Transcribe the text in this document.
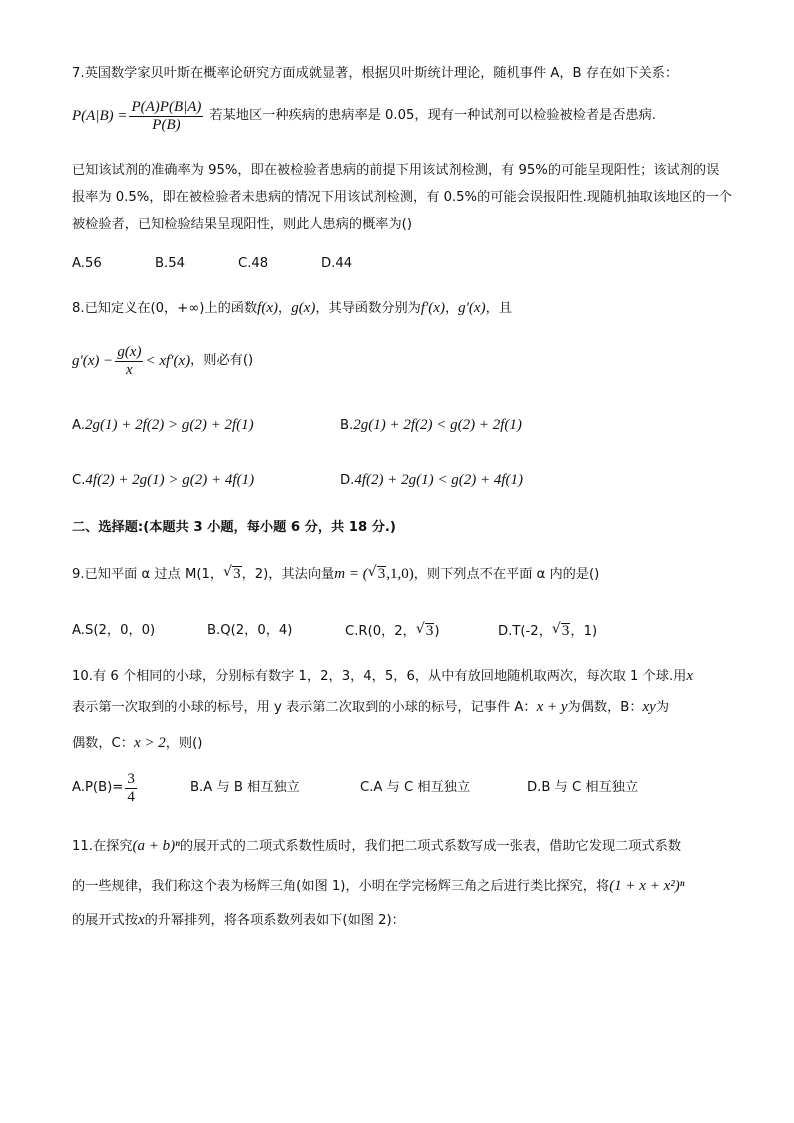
7.英国数学家贝叶斯在概率论研究方面成就显著，根据贝叶斯统计理论，随机事件 A，B 存在如下关系：
$P(A|B) = \frac{P(A)P(B|A)}{P(B)}$ 若某地区一种疾病的患病率是 0.05，现有一种试剂可以检验被检者是否患病.
已知该试剂的准确率为 95%，即在被检验者患病的前提下用该试剂检测，有 95%的可能呈现阳性；该试剂的误报率为 0.5%，即在被检验者未患病的情况下用该试剂检测，有 0.5%的可能会误报阳性.现随机抽取该地区的一个被检验者，已知检验结果呈现阳性，则此人患病的概率为()
A.56	B.54	C.48	D.44
8.已知定义在(0，+∞)上的函数f(x)，g(x)，其导函数分别为f′(x)，g′(x)，且
$g'(x) - \frac{g(x)}{x} < xf'(x)$ ，则必有()
A.2g(1) + 2f(2) > g(2) + 2f(1)	B.2g(1) + 2f(2) < g(2) + 2f(1)
C.4f(2) + 2g(1) > g(2) + 4f(1)	D.4f(2) + 2g(1) < g(2) + 4f(1)
二、选择题:(本题共 3 小题，每小题 6 分，共 18 分.)
9.已知平面 α 过点 M(1， √ 3，2)，其法向量m = ( √ 3,1,0)，则下列点不在平面 α 内的是()
A.S(2，0，0)	B.Q(2，0，4)	C.R(0，2， √ 3)	D.T(-2， √ 3，1)
10.有 6 个相同的小球，分别标有数字 1，2，3，4，5，6，从中有放回地随机取两次，每次取 1 个球.用x
表示第一次取到的小球的标号，用 y 表示第二次取到的小球的标号，记事件 A：x + y为偶数，B：xy为
偶数，C：x > 2，则()
$A.P(B)= \frac{3}{4}$	B.A 与 B 相互独立	C.A 与 C 相互独立	D.B 与 C 相互独立
11.在探究(a + b)ⁿ的展开式的二项式系数性质时，我们把二项式系数写成一张表，借助它发现二项式系数
的一些规律，我们称这个表为杨辉三角(如图 1)，小明在学完杨辉三角之后进行类比探究，将(1 + x + x²)ⁿ
的展开式按x的升幂排列，将各项系数列表如下(如图 2)：
